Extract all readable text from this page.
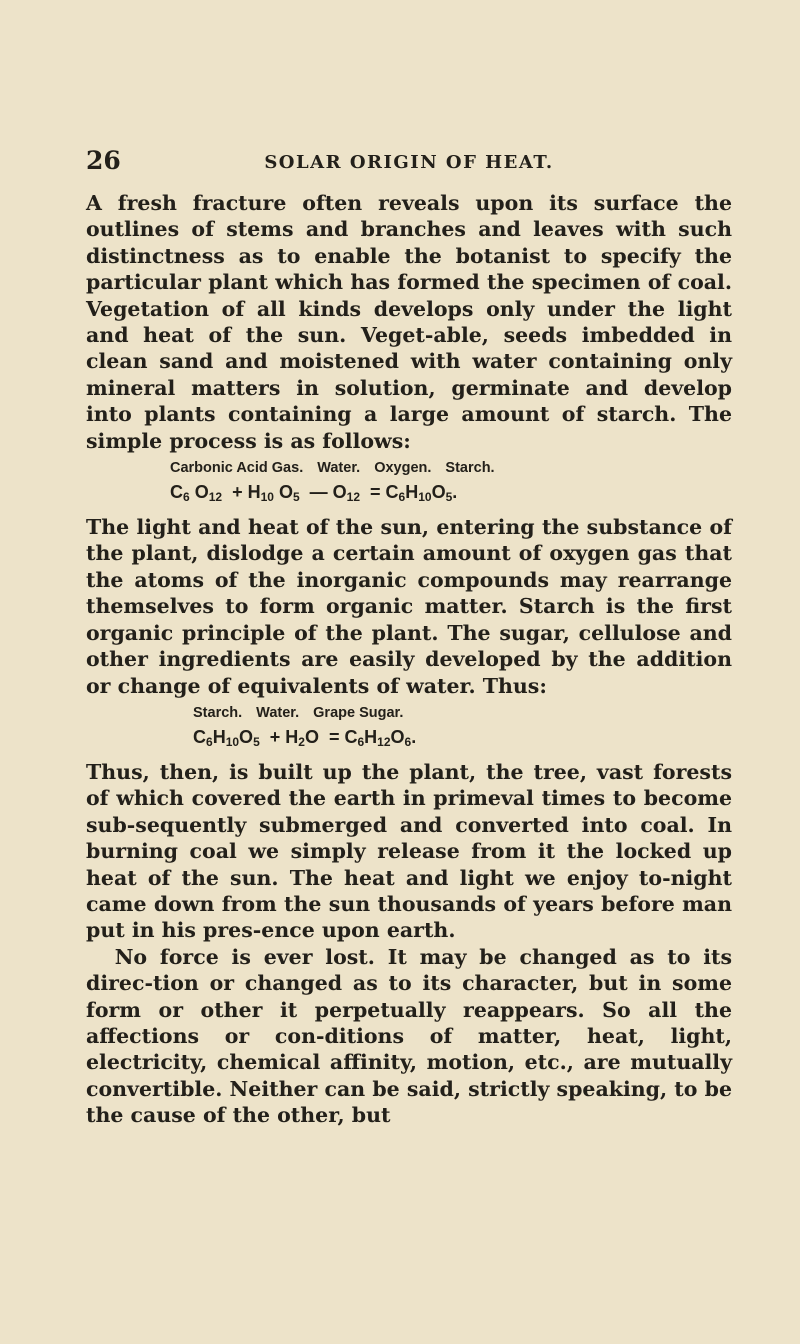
26	SOLAR ORIGIN OF HEAT.

A fresh fracture often reveals upon its surface the outlines of stems and branches and leaves with such distinctness as to enable the botanist to specify the particular plant which has formed the specimen of coal. Vegetation of all kinds develops only under the light and heat of the sun. Veget-able, seeds imbedded in clean sand and moistened with water containing only mineral matters in solution, germinate and develop into plants containing a large amount of starch. The simple process is as follows:

Carbonic Acid Gas. Water. Oxygen. Starch.
$C_6$ $O_{12} + H_{10}$ $O_5$ — $O_{12} = C_6H_{10}O_5$.

The light and heat of the sun, entering the substance of the plant, dislodge a certain amount of oxygen gas that the atoms of the inorganic compounds may rearrange themselves to form organic matter. Starch is the first organic principle of the plant. The sugar, cellulose and other ingredients are easily developed by the addition or change of equivalents of water. Thus:

Starch. Water. Grape Sugar.
$C_6H_{10}O_5 + H_2O = C_6H_{12}O_6$.

Thus, then, is built up the plant, the tree, vast forests of which covered the earth in primeval times to become sub-sequently submerged and converted into coal. In burning coal we simply release from it the locked up heat of the sun. The heat and light we enjoy to-night came down from the sun thousands of years before man put in his pres-ence upon earth.

No force is ever lost. It may be changed as to its direc-tion or changed as to its character, but in some form or other it perpetually reappears. So all the affections or con-ditions of matter, heat, light, electricity, chemical affinity, motion, etc., are mutually convertible. Neither can be said, strictly speaking, to be the cause of the other, but
